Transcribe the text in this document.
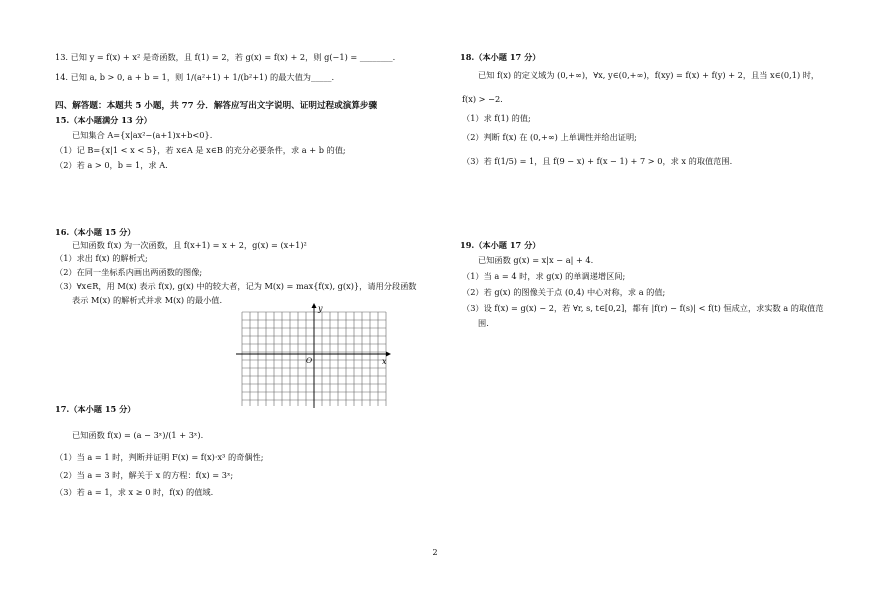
13. 已知 y = f(x) + x² 是奇函数，且 f(1) = 2，若 g(x) = f(x) + 2，则 g(−1) = ________.
14. 已知 a, b > 0, a + b = 1，则 1/(a²+1) + 1/(b²+1) 的最大值为_____.
四、解答题：本题共 5 小题，共 77 分．解答应写出文字说明、证明过程或演算步骤
15.（本小题满分 13 分）
已知集合 A={x|ax²−(a+1)x+b<0}.
（1）记 B={x|1 < x < 5}，若 x∈A 是 x∈B 的充分必要条件，求 a + b 的值;
（2）若 a > 0，b = 1，求 A.
16.（本小题 15 分）
已知函数 f(x) 为一次函数，且 f(x+1) = x + 2，g(x) = (x+1)²
（1）求出 f(x) 的解析式;
（2）在同一坐标系内画出两函数的图像;
（3）∀x∈R，用 M(x) 表示 f(x), g(x) 中的较大者，记为 M(x) = max{f(x), g(x)}，请用分段函数
表示 M(x) 的解析式并求 M(x) 的最小值.
y
x
O
17.（本小题 15 分）
已知函数 f(x) = (a − 3ˣ)/(1 + 3ˣ).
（1）当 a = 1 时，判断并证明 F(x) = f(x)·x³ 的奇偶性;
（2）当 a = 3 时，解关于 x 的方程：f(x) = 3ˣ;
（3）若 a = 1，求 x ≥ 0 时，f(x) 的值域.
18.（本小题 17 分）
已知 f(x) 的定义域为 (0,+∞)，∀x, y∈(0,+∞)，f(xy) = f(x) + f(y) + 2，且当 x∈(0,1) 时，
f(x) > −2.
（1）求 f(1) 的值;
（2）判断 f(x) 在 (0,+∞) 上单调性并给出证明;
（3）若 f(1/5) = 1，且 f(9 − x) + f(x − 1) + 7 > 0，求 x 的取值范围.
19.（本小题 17 分）
已知函数 g(x) = x|x − a| + 4.
（1）当 a = 4 时，求 g(x) 的单调递增区间;
（2）若 g(x) 的图像关于点 (0,4) 中心对称，求 a 的值;
（3）设 f(x) = g(x) − 2，若 ∀r, s, t∈[0,2]，都有 |f(r) − f(s)| < f(t) 恒成立，求实数 a 的取值范
围.
2
